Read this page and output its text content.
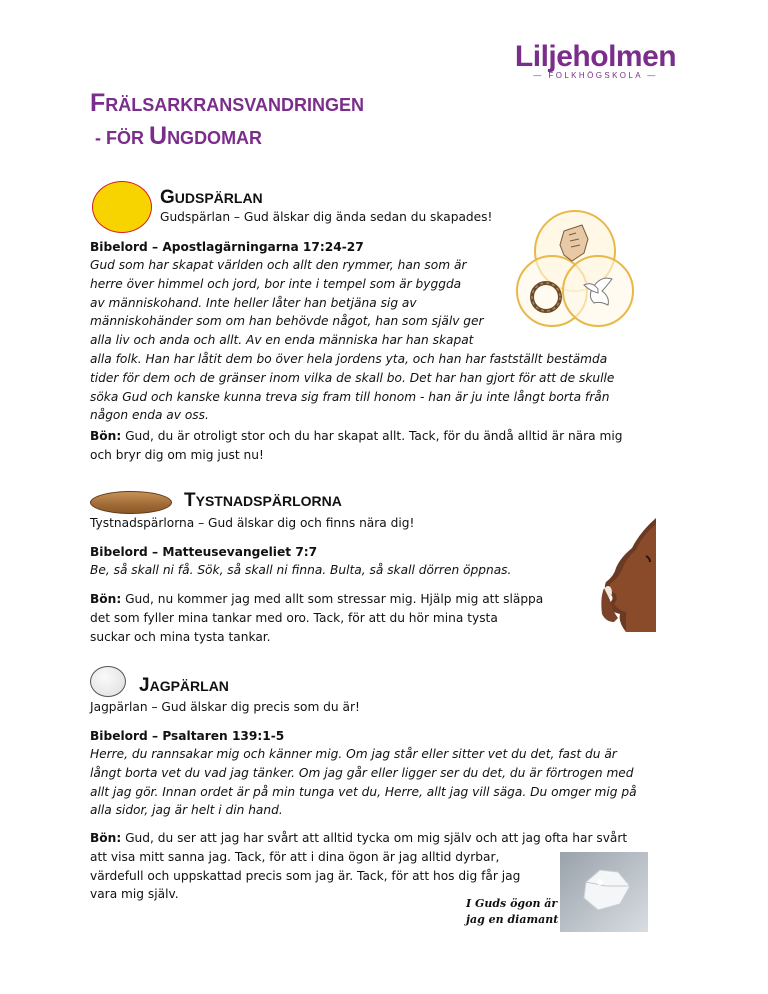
Liljeholmen
— FOLKHÖGSKOLA —
FRÄLSARKRANSVANDRINGEN
- FÖR UNGDOMAR
GUDSPÄRLAN
Gudspärlan – Gud älskar dig ända sedan du skapades!
Bibelord – Apostlagärningarna 17:24-27
Gud som har skapat världen och allt den rymmer, han som är
herre över himmel och jord, bor inte i tempel som är byggda
av människohand. Inte heller låter han betjäna sig av
människohänder som om han behövde något, han som själv ger
alla liv och anda och allt. Av en enda människa har han skapat
alla folk. Han har låtit dem bo över hela jordens yta, och han har fastställt bestämda
tider för dem och de gränser inom vilka de skall bo. Det har han gjort för att de skulle
söka Gud och kanske kunna treva sig fram till honom - han är ju inte långt borta från
någon enda av oss.
Bön: Gud, du är otroligt stor och du har skapat allt. Tack, för du ändå alltid är nära mig
och bryr dig om mig just nu!
TYSTNADSPÄRLORNA
Tystnadspärlorna – Gud älskar dig och finns nära dig!
Bibelord – Matteusevangeliet 7:7
Be, så skall ni få. Sök, så skall ni finna. Bulta, så skall dörren öppnas.
Bön: Gud, nu kommer jag med allt som stressar mig. Hjälp mig att släppa
det som fyller mina tankar med oro. Tack, för att du hör mina tysta
suckar och mina tysta tankar.
JAGPÄRLAN
Jagpärlan – Gud älskar dig precis som du är!
Bibelord – Psaltaren 139:1-5
Herre, du rannsakar mig och känner mig. Om jag står eller sitter vet du det, fast du är
långt borta vet du vad jag tänker. Om jag går eller ligger ser du det, du är förtrogen med
allt jag gör. Innan ordet är på min tunga vet du, Herre, allt jag vill säga. Du omger mig på
alla sidor, jag är helt i din hand.
Bön: Gud, du ser att jag har svårt att alltid tycka om mig själv och att jag ofta har svårt
att visa mitt sanna jag. Tack, för att i dina ögon är jag alltid dyrbar,
värdefull och uppskattad precis som jag är. Tack, för att hos dig får jag
vara mig själv.
I Guds ögon är
jag en diamant
